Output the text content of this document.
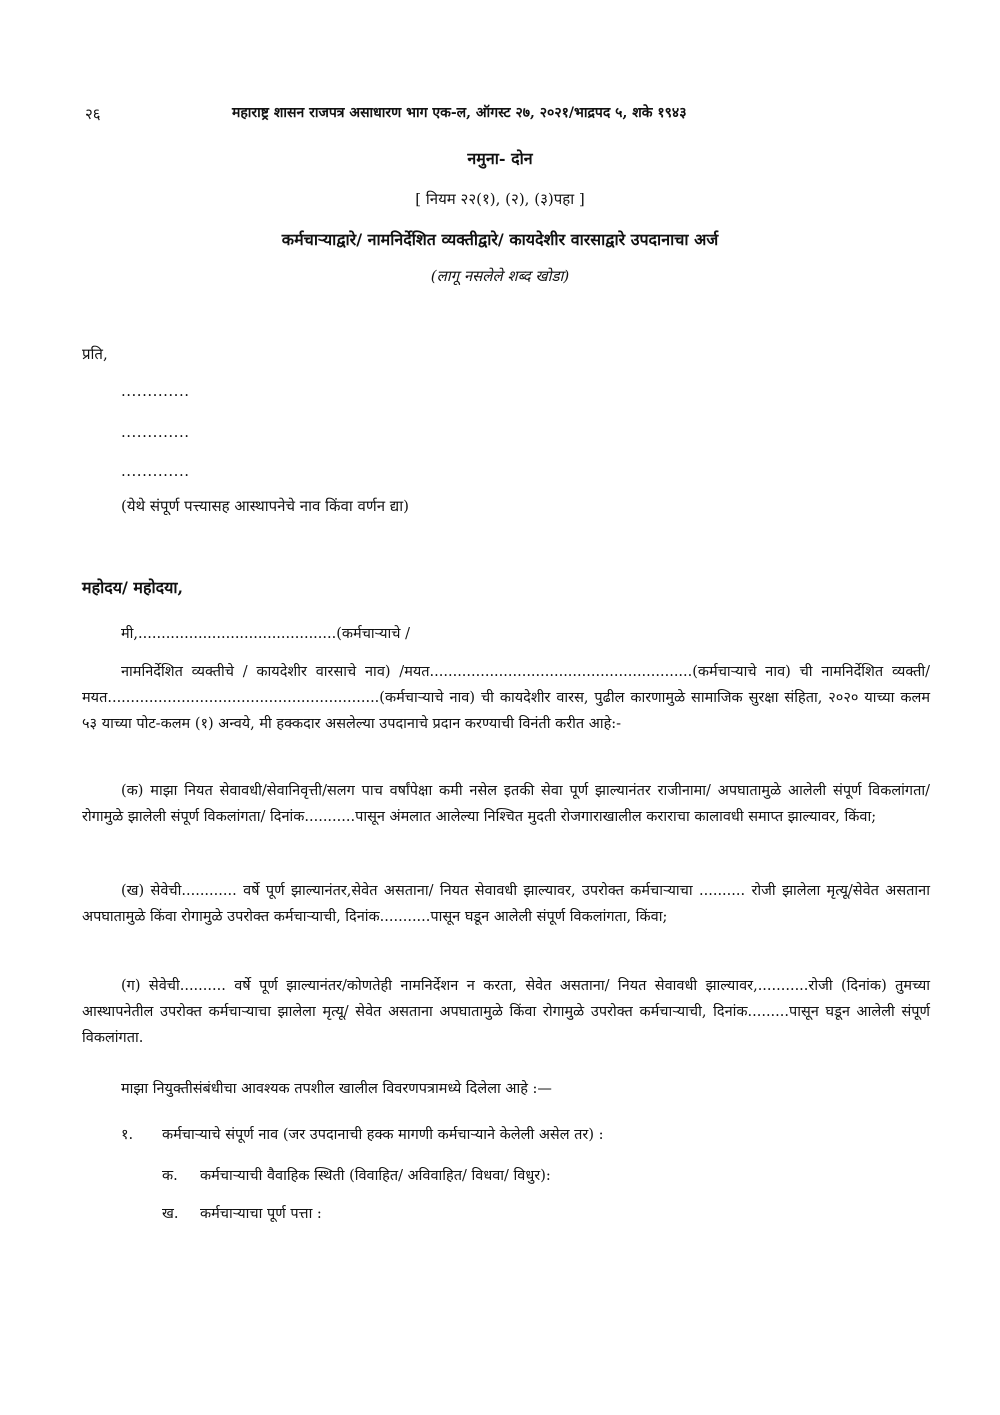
२६	महाराष्ट्र शासन राजपत्र असाधारण भाग एक-ल, ऑगस्ट २७, २०२१/भाद्रपद ५, शके १९४३
नमुना- दोन
[ नियम २२(१), (२), (३)पहा ]
कर्मचाऱ्याद्वारे/ नामनिर्देशित व्यक्तीद्वारे/ कायदेशीर वारसाद्वारे उपदानाचा अर्ज
(लागू नसलेले शब्द खोडा)
प्रति,
.............
.............
.............
(येथे संपूर्ण पत्त्यासह आस्थापनेचे नाव किंवा वर्णन द्या)
महोदय/ महोदया,
मी,...........................................(कर्मचाऱ्याचे /
नामनिर्देशित व्यक्तीचे / कायदेशीर वारसाचे नाव) /मयत.........................................................(कर्मचाऱ्याचे नाव) ची नामनिर्देशित व्यक्ती/ मयत...........................................................(कर्मचाऱ्याचे नाव) ची कायदेशीर वारस, पुढील कारणामुळे सामाजिक सुरक्षा संहिता, २०२० याच्या कलम ५३ याच्या पोट-कलम (१) अन्वये, मी हक्कदार असलेल्या उपदानाचे प्रदान करण्याची विनंती करीत आहे:-
(क) माझा नियत सेवावधी/सेवानिवृत्ती/सलग पाच वर्षांपेक्षा कमी नसेल इतकी सेवा पूर्ण झाल्यानंतर राजीनामा/ अपघातामुळे आलेली संपूर्ण विकलांगता/ रोगामुळे झालेली संपूर्ण विकलांगता/ दिनांक...........पासून अंमलात आलेल्या निश्चित मुदती रोजगाराखालील कराराचा कालावधी समाप्त झाल्यावर, किंवा;
(ख) सेवेची............ वर्षे पूर्ण झाल्यानंतर,सेवेत असताना/ नियत सेवावधी झाल्यावर, उपरोक्त कर्मचाऱ्याचा .......... रोजी झालेला मृत्यू/सेवेत असताना अपघातामुळे किंवा रोगामुळे उपरोक्त कर्मचाऱ्याची, दिनांक...........पासून घडून आलेली संपूर्ण विकलांगता, किंवा;
(ग) सेवेची.......... वर्षे पूर्ण झाल्यानंतर/कोणतेही नामनिर्देशन न करता, सेवेत असताना/ नियत सेवावधी झाल्यावर,...........रोजी (दिनांक) तुमच्या आस्थापनेतील उपरोक्त कर्मचाऱ्याचा झालेला मृत्यू/ सेवेत असताना अपघातामुळे किंवा रोगामुळे उपरोक्त कर्मचाऱ्याची, दिनांक.........पासून घडून आलेली संपूर्ण विकलांगता.
माझा नियुक्तीसंबंधीचा आवश्यक तपशील खालील विवरणपत्रामध्ये दिलेला आहे :—
१. कर्मचाऱ्याचे संपूर्ण नाव (जर उपदानाची हक्क मागणी कर्मचाऱ्याने केलेली असेल तर) :
क. कर्मचाऱ्याची वैवाहिक स्थिती (विवाहित/ अविवाहित/ विधवा/ विधुर):
ख. कर्मचाऱ्याचा पूर्ण पत्ता :
